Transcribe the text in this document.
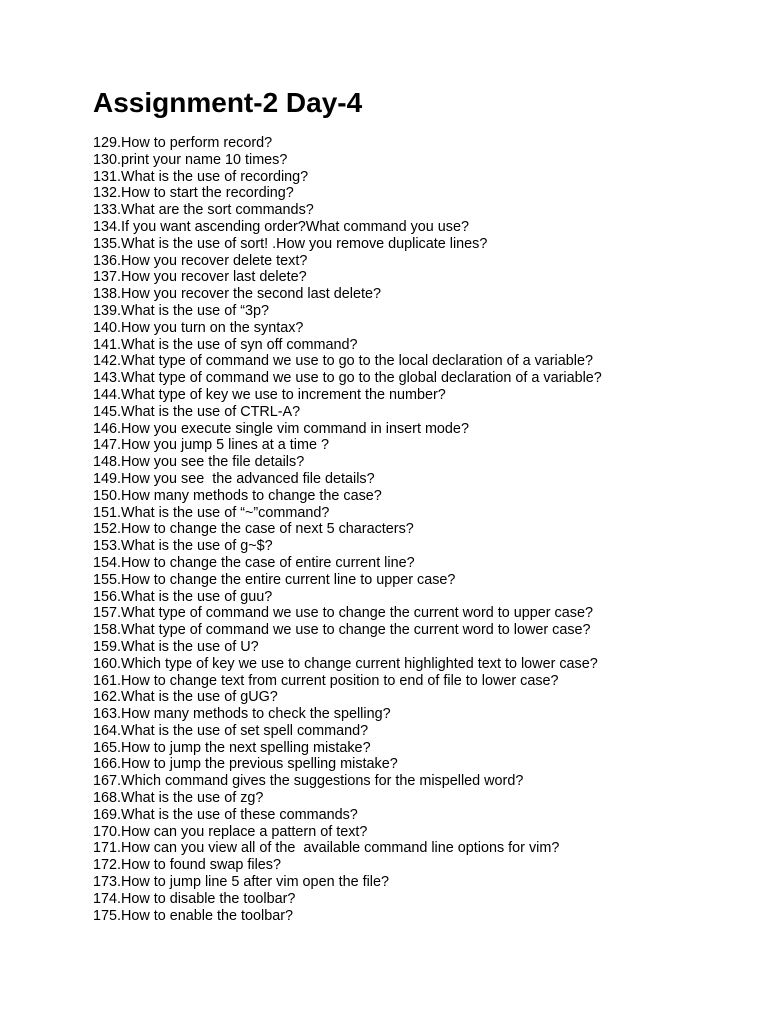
Assignment-2 Day-4
129.How to perform record?
130.print your name 10 times?
131.What is the use of recording?
132.How to start the recording?
133.What are the sort commands?
134.If you want ascending order?What command you use?
135.What is the use of sort! .How you remove duplicate lines?
136.How you recover delete text?
137.How you recover last delete?
138.How you recover the second last delete?
139.What is the use of “3p?
140.How you turn on the syntax?
141.What is the use of syn off command?
142.What type of command we use to go to the local declaration of a variable?
143.What type of command we use to go to the global declaration of a variable?
144.What type of key we use to increment the number?
145.What is the use of CTRL-A?
146.How you execute single vim command in insert mode?
147.How you jump 5 lines at a time ?
148.How you see the file details?
149.How you see  the advanced file details?
150.How many methods to change the case?
151.What is the use of “~”command?
152.How to change the case of next 5 characters?
153.What is the use of g~$?
154.How to change the case of entire current line?
155.How to change the entire current line to upper case?
156.What is the use of guu?
157.What type of command we use to change the current word to upper case?
158.What type of command we use to change the current word to lower case?
159.What is the use of U?
160.Which type of key we use to change current highlighted text to lower case?
161.How to change text from current position to end of file to lower case?
162.What is the use of gUG?
163.How many methods to check the spelling?
164.What is the use of set spell command?
165.How to jump the next spelling mistake?
166.How to jump the previous spelling mistake?
167.Which command gives the suggestions for the mispelled word?
168.What is the use of zg?
169.What is the use of these commands?
170.How can you replace a pattern of text?
171.How can you view all of the  available command line options for vim?
172.How to found swap files?
173.How to jump line 5 after vim open the file?
174.How to disable the toolbar?
175.How to enable the toolbar?
